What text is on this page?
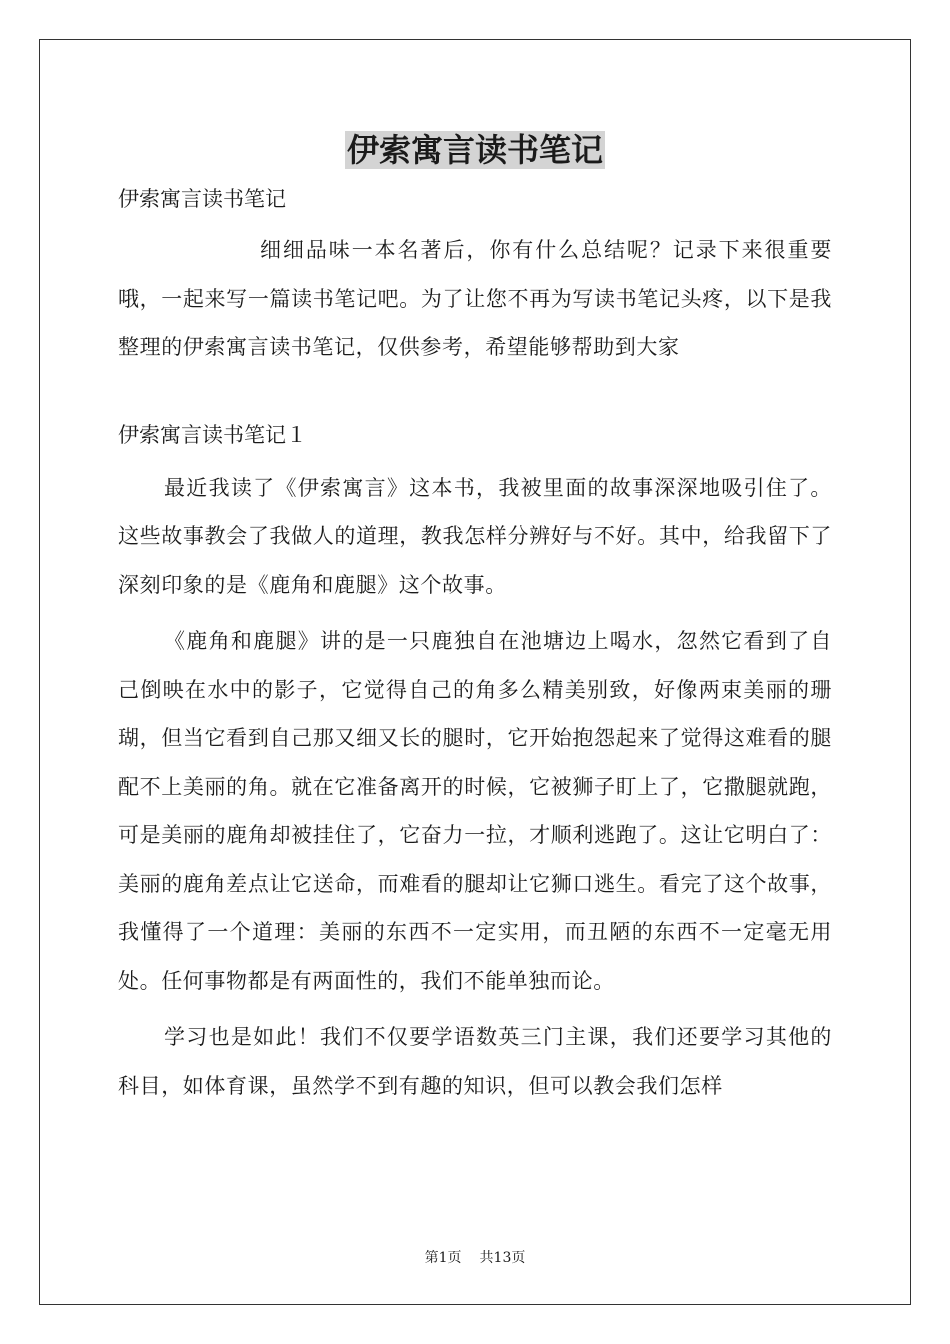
伊索寓言读书笔记

伊索寓言读书笔记

细细品味一本名著后，你有什么总结呢？记录下来很重要哦，一起来写一篇读书笔记吧。为了让您不再为写读书笔记头疼，以下是我整理的伊索寓言读书笔记，仅供参考，希望能够帮助到大家

伊索寓言读书笔记１

最近我读了《伊索寓言》这本书，我被里面的故事深深地吸引住了。这些故事教会了我做人的道理，教我怎样分辨好与不好。其中，给我留下了深刻印象的是《鹿角和鹿腿》这个故事。

《鹿角和鹿腿》讲的是一只鹿独自在池塘边上喝水，忽然它看到了自己倒映在水中的影子，它觉得自己的角多么精美别致，好像两束美丽的珊瑚，但当它看到自己那又细又长的腿时，它开始抱怨起来了觉得这难看的腿配不上美丽的角。就在它准备离开的时候，它被狮子盯上了，它撒腿就跑，可是美丽的鹿角却被挂住了，它奋力一拉，才顺利逃跑了。这让它明白了：美丽的鹿角差点让它送命，而难看的腿却让它狮口逃生。看完了这个故事，我懂得了一个道理：美丽的东西不一定实用，而丑陋的东西不一定毫无用处。任何事物都是有两面性的，我们不能单独而论。

学习也是如此！我们不仅要学语数英三门主课，我们还要学习其他的科目，如体育课，虽然学不到有趣的知识，但可以教会我们怎样

第1页 共13页
